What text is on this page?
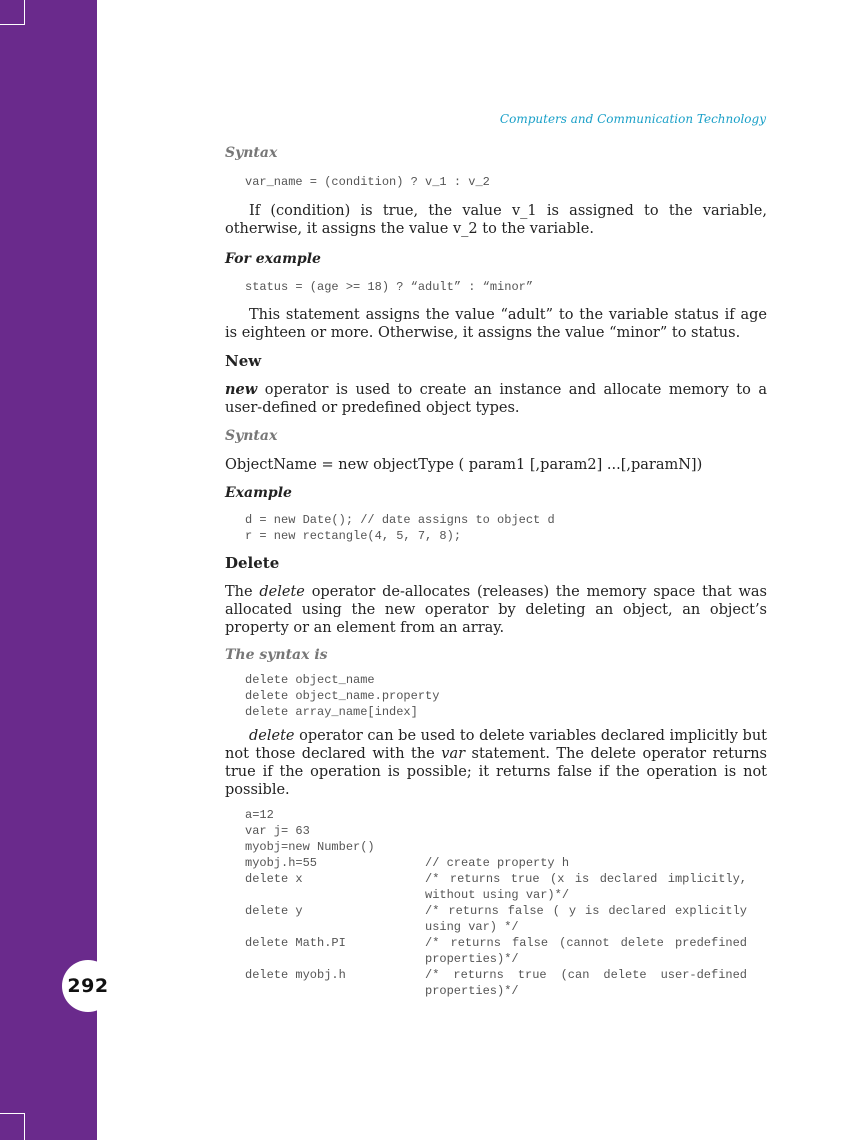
292
Computers and Communication Technology

Syntax

var_name = (condition) ? v_1 : v_2

If (condition) is true, the value v_1 is assigned to the variable, otherwise, it assigns the value v_2 to the variable.

For example

status = (age >= 18) ? “adult” : “minor”

This statement assigns the value “adult” to the variable status if age is eighteen or more. Otherwise, it assigns the value “minor” to status.

New

new operator is used to create an instance and allocate memory to a user-defined or predefined object types.

Syntax

ObjectName = new objectType ( param1 [,param2] ...[,paramN])

Example

d = new Date(); // date assigns to object d
r = new rectangle(4, 5, 7, 8);

Delete

The delete operator de-allocates (releases) the memory space that was allocated using the new operator by deleting an object, an object’s property or an element from an array.

The syntax is

delete object_name
delete object_name.property
delete array_name[index]

delete operator can be used to delete variables declared implicitly but not those declared with the var statement. The delete operator returns true if the operation is possible; it returns false if the operation is not possible.

a=12
var j= 63
myobj=new Number()
myobj.h=55	// create property h
delete x	/* returns true (x is declared implicitly, without using var)*/
delete y	/* returns false ( y is declared explicitly using var) */
delete Math.PI	/* returns false (cannot delete predefined properties)*/
delete myobj.h	/* returns true (can delete user-defined properties)*/
